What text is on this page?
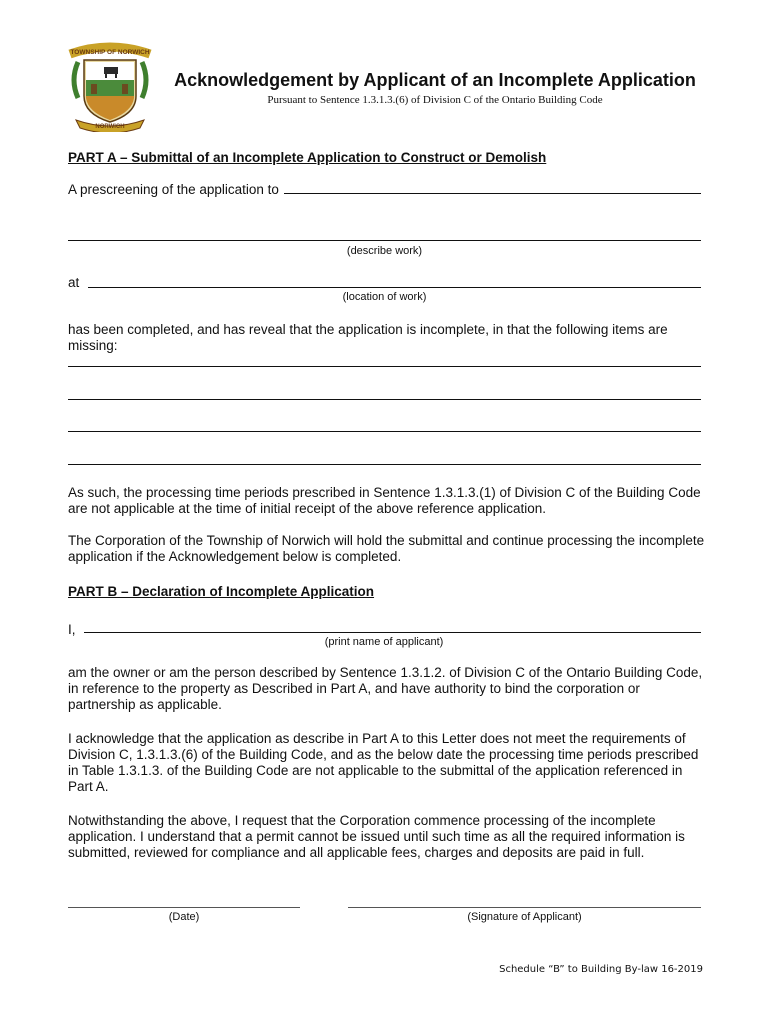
TOWNSHIP OF NORWICH
NORWICH
Acknowledgement by Applicant of an Incomplete Application
Pursuant to Sentence 1.3.1.3.(6) of Division C of the Ontario Building Code
PART A – Submittal of an Incomplete Application to Construct or Demolish
A prescreening of the application to
(describe work)
at
(location of work)
has been completed, and has reveal that the application is incomplete, in that the following items are missing:
As such, the processing time periods prescribed in Sentence 1.3.1.3.(1) of Division C of the Building Code are not applicable at the time of initial receipt of the above reference application.
The Corporation of the Township of Norwich will hold the submittal and continue processing the incomplete application if the Acknowledgement below is completed.
PART B – Declaration of Incomplete Application
I,
(print name of applicant)
am the owner or am the person described by Sentence 1.3.1.2. of Division C of the Ontario Building Code, in reference to the property as Described in Part A, and have authority to bind the corporation or partnership as applicable.
I acknowledge that the application as describe in Part A to this Letter does not meet the requirements of Division C, 1.3.1.3.(6) of the Building Code, and as the below date the processing time periods prescribed in Table 1.3.1.3. of the Building Code are not applicable to the submittal of the application referenced in Part A.
Notwithstanding the above, I request that the Corporation commence processing of the incomplete application. I understand that a permit cannot be issued until such time as all the required information is submitted, reviewed for compliance and all applicable fees, charges and deposits are paid in full.
(Date)	(Signature of Applicant)
Schedule “B” to Building By-law 16-2019
